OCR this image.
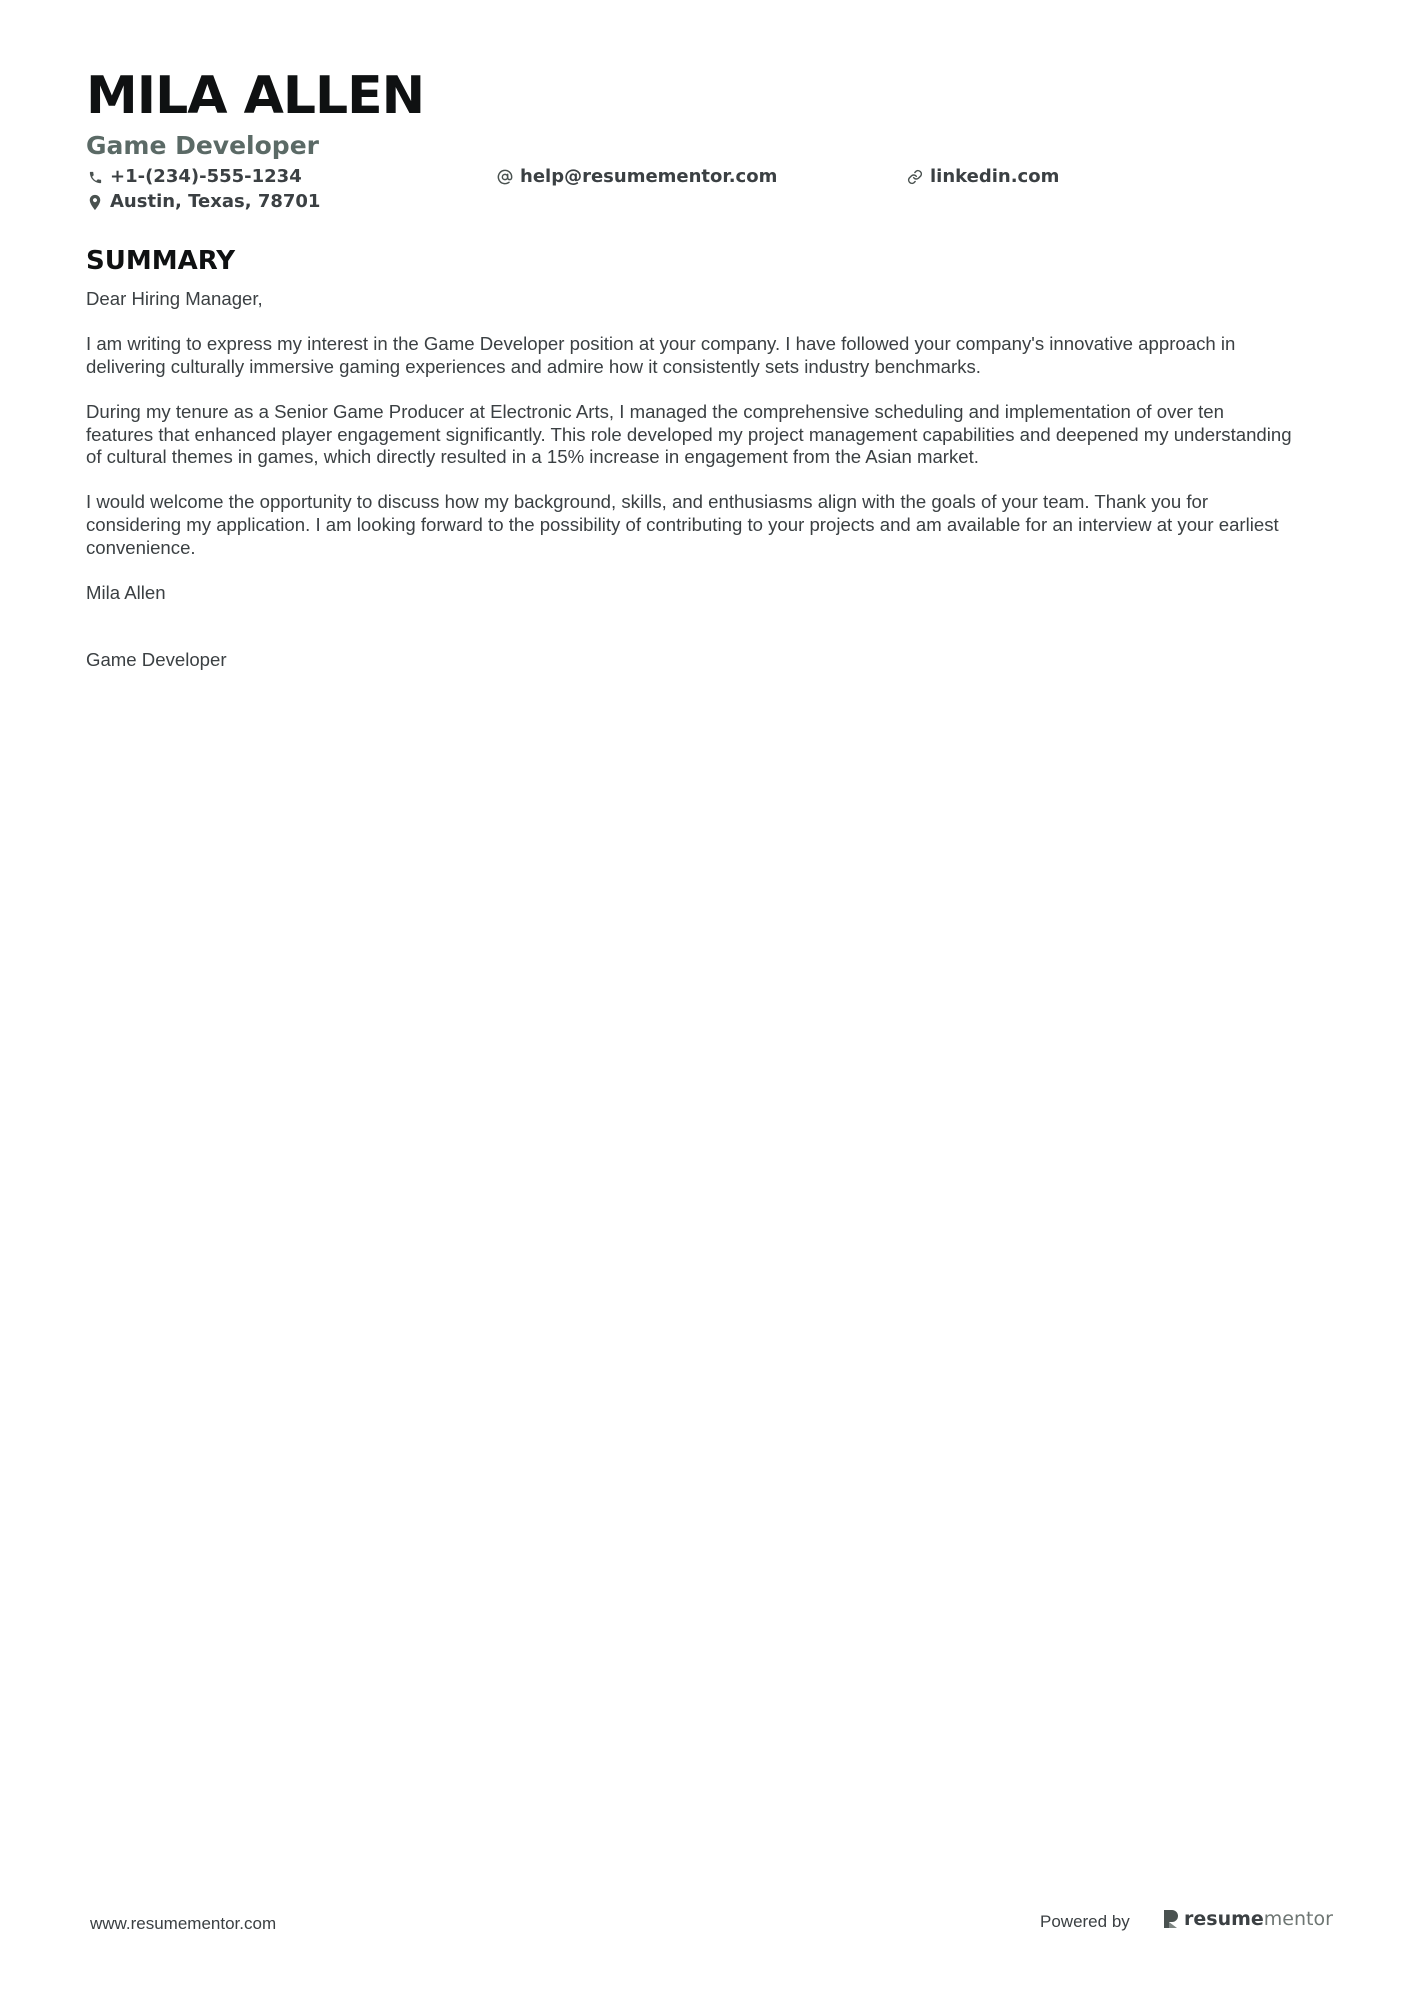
MILA ALLEN
Game Developer
+1-(234)-555-1234
Austin, Texas, 78701
help@resumementor.com	linkedin.com
SUMMARY

Dear Hiring Manager,

I am writing to express my interest in the Game Developer position at your company. I have followed your company's innovative approach in delivering culturally immersive gaming experiences and admire how it consistently sets industry benchmarks.

During my tenure as a Senior Game Producer at Electronic Arts, I managed the comprehensive scheduling and implementation of over ten features that enhanced player engagement significantly. This role developed my project management capabilities and deepened my understanding of cultural themes in games, which directly resulted in a 15% increase in engagement from the Asian market.

I would welcome the opportunity to discuss how my background, skills, and enthusiasms align with the goals of your team. Thank you for considering my application. I am looking forward to the possibility of contributing to your projects and am available for an interview at your earliest convenience.

Mila Allen

Game Developer

www.resumementor.com	Powered by	resume mentor
